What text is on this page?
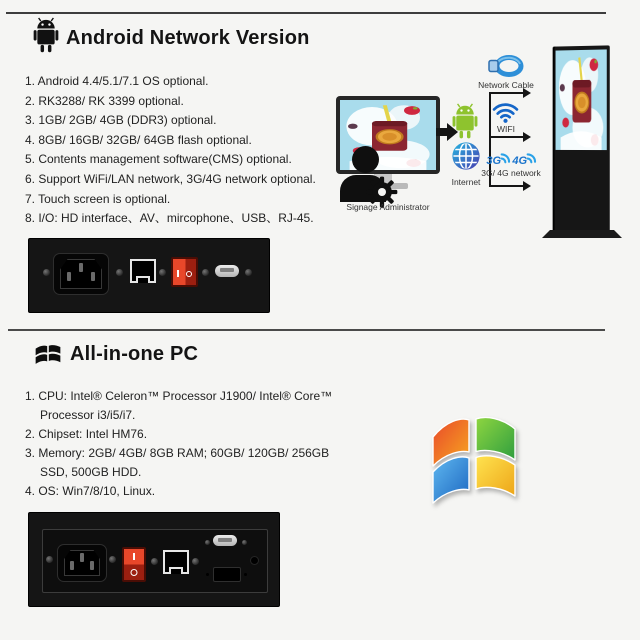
Android Network Version
1. Android 4.4/5.1/7.1 OS optional.
2. RK3288/ RK 3399 optional.
3. 1GB/ 2GB/ 4GB (DDR3) optional.
4. 8GB/ 16GB/ 32GB/ 64GB flash optional.
5. Contents management software(CMS) optional.
6. Support WiFi/LAN network, 3G/4G network optional.
7. Touch screen is optional.
8. I/O: HD interface、AV、mircophone、USB、RJ-45.
Signage Administrator
Internet
Network Cable
WIFI
3G 4G
3G/ 4G network
All-in-one PC
1. CPU: Intel® Celeron™ Processor J1900/ Intel® Core™
Processor i3/i5/i7.
2. Chipset: Intel HM76.
3. Memory: 2GB/ 4GB/ 8GB RAM; 60GB/ 120GB/ 256GB
SSD, 500GB HDD.
4. OS: Win7/8/10, Linux.
